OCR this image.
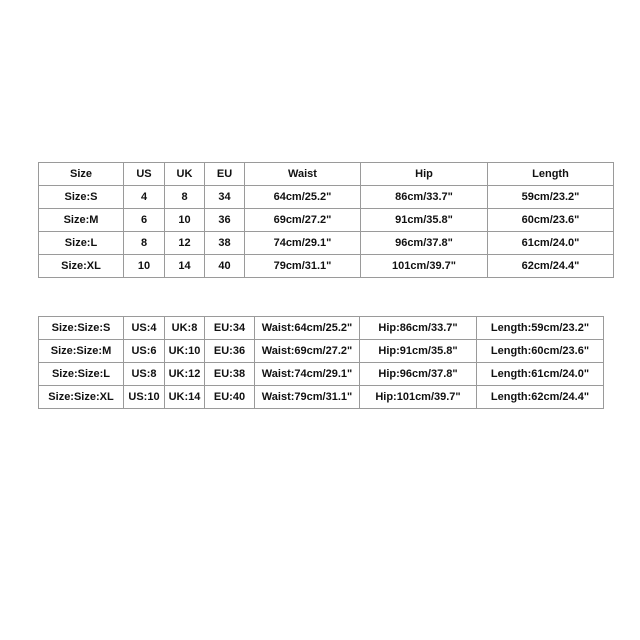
Size	US	UK	EU	Waist	Hip	Length
Size:S	4	8	34	64cm/25.2"	86cm/33.7"	59cm/23.2"
Size:M	6	10	36	69cm/27.2"	91cm/35.8"	60cm/23.6"
Size:L	8	12	38	74cm/29.1"	96cm/37.8"	61cm/24.0"
Size:XL	10	14	40	79cm/31.1"	101cm/39.7"	62cm/24.4"
Size:Size:S	US:4	UK:8	EU:34	Waist:64cm/25.2"	Hip:86cm/33.7"	Length:59cm/23.2"
Size:Size:M	US:6	UK:10	EU:36	Waist:69cm/27.2"	Hip:91cm/35.8"	Length:60cm/23.6"
Size:Size:L	US:8	UK:12	EU:38	Waist:74cm/29.1"	Hip:96cm/37.8"	Length:61cm/24.0"
Size:Size:XL	US:10	UK:14	EU:40	Waist:79cm/31.1"	Hip:101cm/39.7"	Length:62cm/24.4"
